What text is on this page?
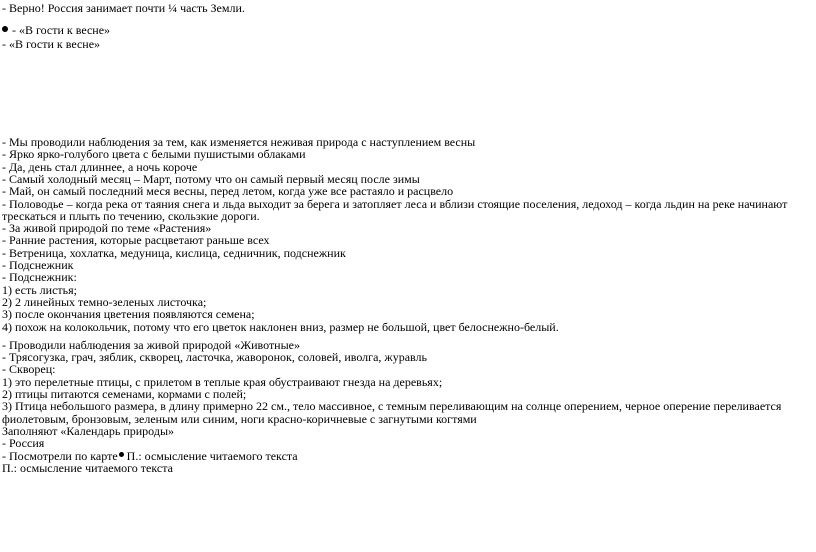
- Верно! Россия занимает почти ¼ часть Земли.
- «В гости к весне»
- «В гости к весне»
- Мы проводили наблюдения за тем, как изменяется неживая природа с наступлением весны
- Ярко ярко-голубого цвета с белыми пушистыми облаками
- Да, день стал длиннее, а ночь короче
- Самый холодный месяц – Март, потому что он самый первый месяц после зимы
- Май, он самый последний меся весны, перед летом, когда уже все растаяло и расцвело
- Половодье – когда река от таяния снега и льда выходит за берега и затопляет леса и вблизи стоящие поселения, ледоход – когда льдин на реке начинают
трескаться и плыть по течению, скользкие дороги.
- За живой природой по теме «Растения»
- Ранние растения, которые расцветают раньше всех
- Ветреница, хохлатка, медуница, кислица, седничник, подснежник
- Подснежник
- Подснежник:
1) есть листья;
2) 2 линейных темно-зеленых листочка;
3) после окончания цветения появляются семена;
4) похож на колокольчик, потому что его цветок наклонен вниз, размер не большой, цвет белоснежно-белый.
- Проводили наблюдения за живой природой «Животные»
- Трясогузка, грач, зяблик, скворец, ласточка, жаворонок, соловей, иволга, журавль
- Скворец:
1) это перелетные птицы, с прилетом в теплые края обустраивают гнезда на деревьях;
2) птицы питаются семенами, кормами с полей;
3) Птица небольшого размера, в длину примерно 22 см., тело массивное, с темным переливающим на солнце оперением, черное оперение переливается
фиолетовым, бронзовым, зеленым или синим, ноги красно-коричневые с загнутыми когтями
Заполняют «Календарь природы»
- Россия
- Посмотрели по карте П.: осмысление читаемого текста
П.: осмысление читаемого текста
